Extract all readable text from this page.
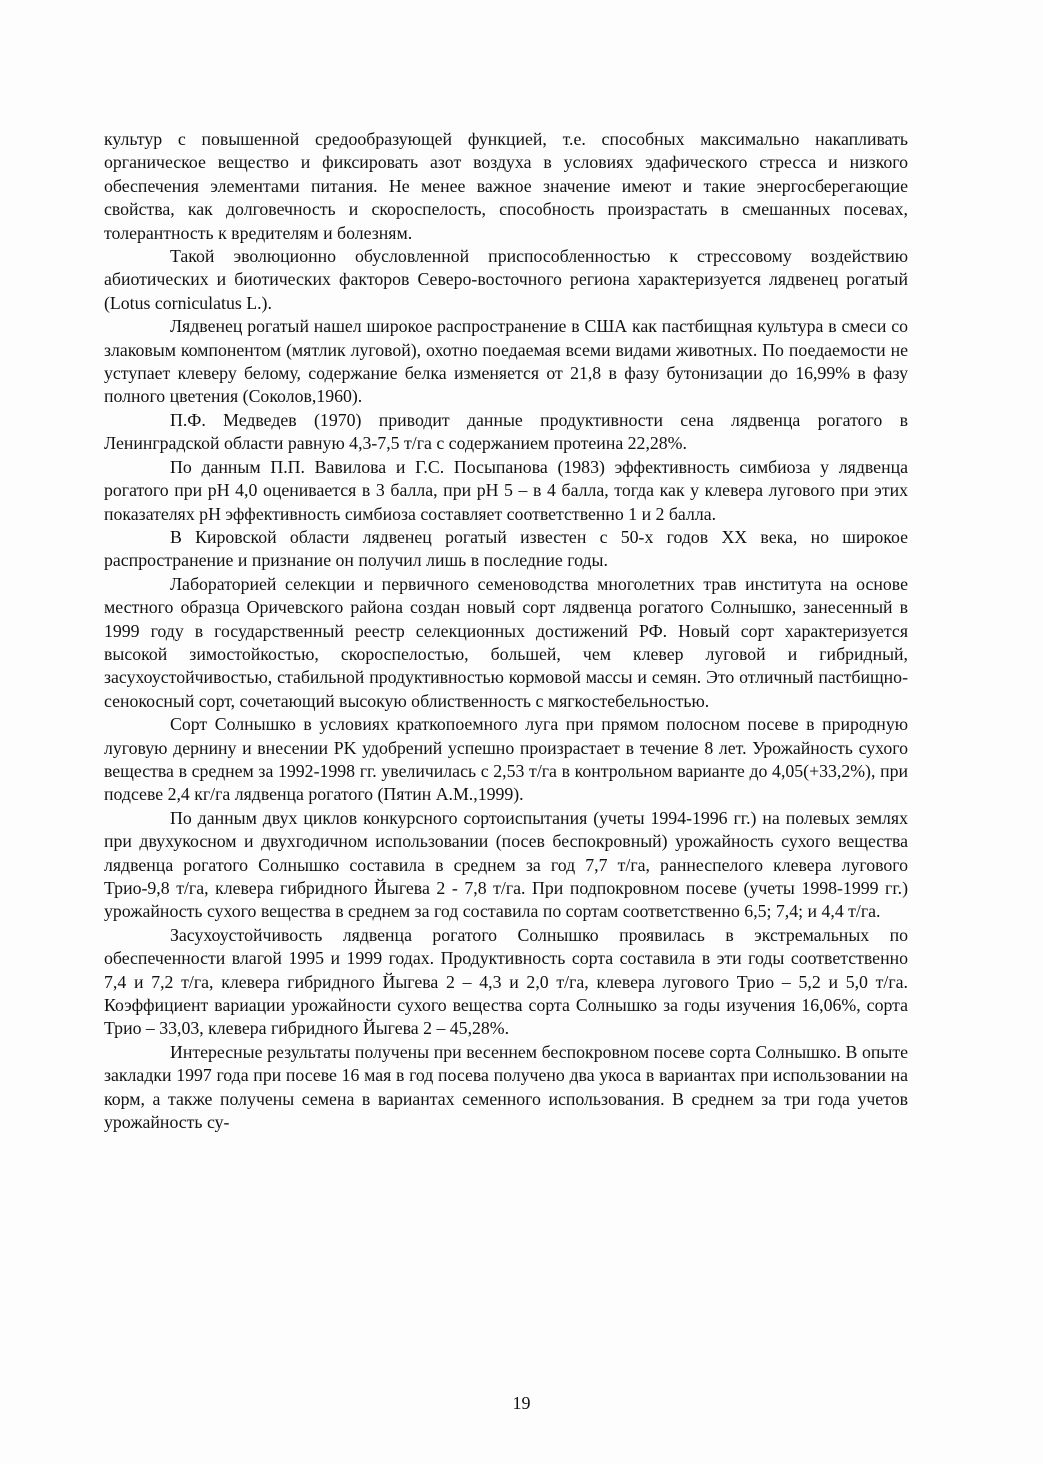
культур с повышенной средообразующей функцией, т.е. способных максимально накапливать органическое вещество и фиксировать азот воздуха в условиях эдафического стресса и низкого обеспечения элементами питания. Не менее важное значение имеют и такие энергосберегающие свойства, как долговечность и скороспелость, способность произрастать в смешанных посевах, толерантность к вредителям и болезням.

Такой эволюционно обусловленной приспособленностью к стрессовому воздействию абиотических и биотических факторов Северо-восточного региона характеризуется лядвенец рогатый (Lotus corniculatus L.).

Лядвенец рогатый нашел широкое распространение в США как пастбищная культура в смеси со злаковым компонентом (мятлик луговой), охотно поедаемая всеми видами животных. По поедаемости не уступает клеверу белому, содержание белка изменяется от 21,8 в фазу бутонизации до 16,99% в фазу полного цветения (Соколов,1960).

П.Ф. Медведев (1970) приводит данные продуктивности сена лядвенца рогатого в Ленинградской области равную 4,3-7,5 т/га с содержанием протеина 22,28%.

По данным П.П. Вавилова и Г.С. Посыпанова (1983) эффективность симбиоза у лядвенца рогатого при pH 4,0 оценивается в 3 балла, при pH 5 – в 4 балла, тогда как у клевера лугового при этих показателях pH эффективность симбиоза составляет соответственно 1 и 2 балла.

В Кировской области лядвенец рогатый известен с 50-х годов XX века, но широкое распространение и признание он получил лишь в последние годы.

Лабораторией селекции и первичного семеноводства многолетних трав института на основе местного образца Оричевского района создан новый сорт лядвенца рогатого Солнышко, занесенный в 1999 году в государственный реестр селекционных достижений РФ. Новый сорт характеризуется высокой зимостойкостью, скороспелостью, большей, чем клевер луговой и гибридный, засухоустойчивостью, стабильной продуктивностью кормовой массы и семян. Это отличный пастбищно-сенокосный сорт, сочетающий высокую облиственность с мягкостебельностью.

Сорт Солнышко в условиях краткопоемного луга при прямом полосном посеве в природную луговую дернину и внесении PK удобрений успешно произрастает в течение 8 лет. Урожайность сухого вещества в среднем за 1992-1998 гг. увеличилась с 2,53 т/га в контрольном варианте до 4,05(+33,2%), при подсеве 2,4 кг/га лядвенца рогатого (Пятин А.М.,1999).

По данным двух циклов конкурсного сортоиспытания (учеты 1994-1996 гг.) на полевых землях при двухукосном и двухгодичном использовании (посев беспокровный) урожайность сухого вещества лядвенца рогатого Солнышко составила в среднем за год 7,7 т/га, раннеспелого клевера лугового Трио-9,8 т/га, клевера гибридного Йыгева 2 - 7,8 т/га. При подпокровном посеве (учеты 1998-1999 гг.) урожайность сухого вещества в среднем за год составила по сортам соответственно 6,5; 7,4; и 4,4 т/га.

Засухоустойчивость лядвенца рогатого Солнышко проявилась в экстремальных по обеспеченности влагой 1995 и 1999 годах. Продуктивность сорта составила в эти годы соответственно 7,4 и 7,2 т/га, клевера гибридного Йыгева 2 – 4,3 и 2,0 т/га, клевера лугового Трио – 5,2 и 5,0 т/га. Коэффициент вариации урожайности сухого вещества сорта Солнышко за годы изучения 16,06%, сорта Трио – 33,03, клевера гибридного Йыгева 2 – 45,28%.

Интересные результаты получены при весеннем беспокровном посеве сорта Солнышко. В опыте закладки 1997 года при посеве 16 мая в год посева получено два укоса в вариантах при использовании на корм, а также получены семена в вариантах семенного использования. В среднем за три года учетов урожайность су-

19
